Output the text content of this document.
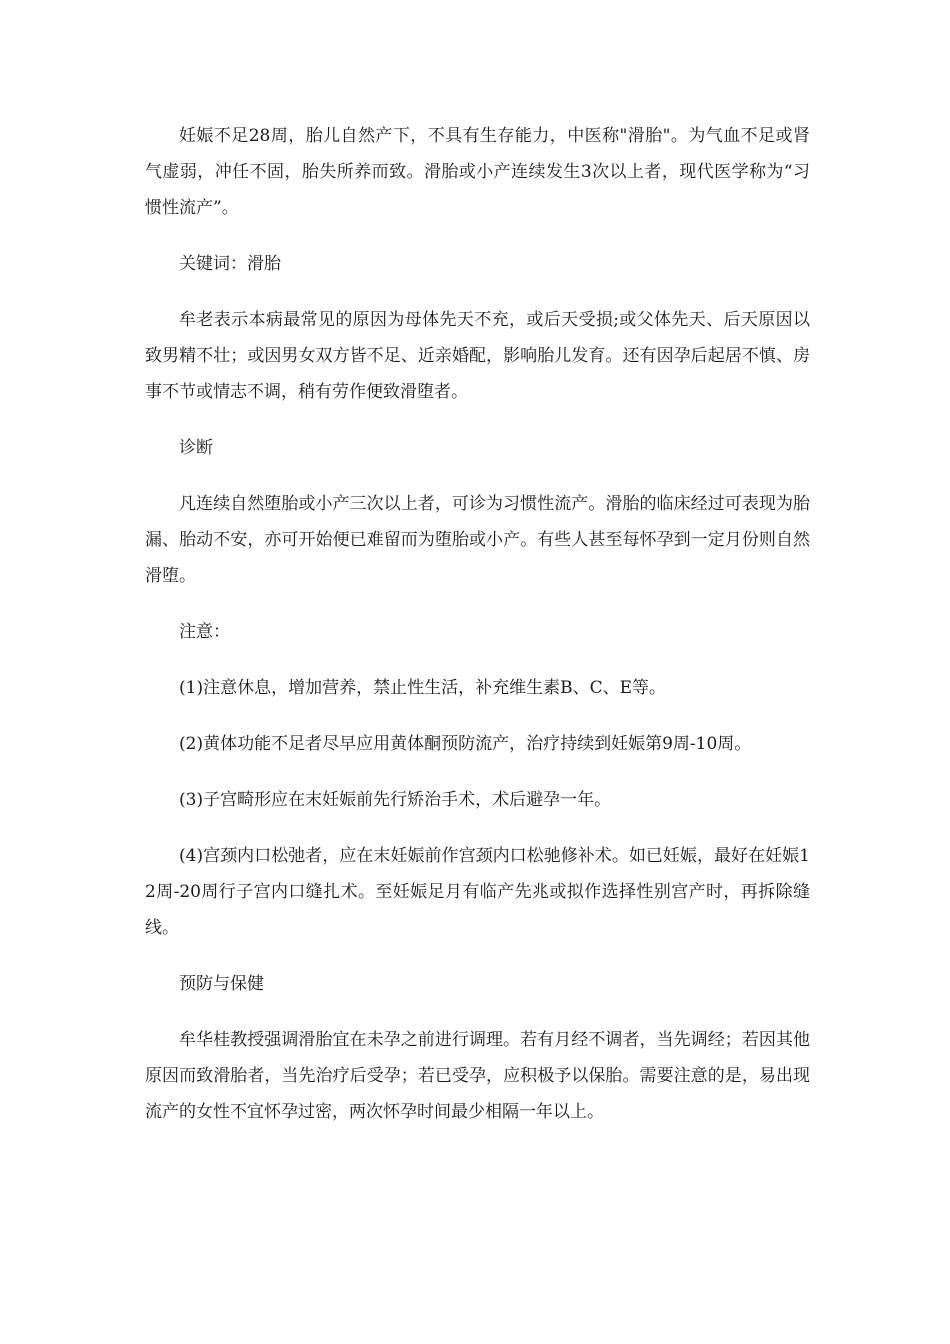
妊娠不足28周，胎儿自然产下，不具有生存能力，中医称"滑胎"。为气血不足或肾气虚弱，冲任不固，胎失所养而致。滑胎或小产连续发生3次以上者，现代医学称为“习惯性流产”。

关键词：滑胎

牟老表示本病最常见的原因为母体先天不充，或后天受损;或父体先天、后天原因以致男精不壮；或因男女双方皆不足、近亲婚配，影响胎儿发育。还有因孕后起居不慎、房事不节或情志不调，稍有劳作便致滑堕者。

诊断

凡连续自然堕胎或小产三次以上者，可诊为习惯性流产。滑胎的临床经过可表现为胎漏、胎动不安，亦可开始便已难留而为堕胎或小产。有些人甚至每怀孕到一定月份则自然滑堕。

注意：

(1)注意休息，增加营养，禁止性生活，补充维生素B、C、E等。

(2)黄体功能不足者尽早应用黄体酮预防流产，治疗持续到妊娠第9周-10周。

(3)子宫畸形应在末妊娠前先行矫治手术，术后避孕一年。

(4)宫颈内口松弛者，应在末妊娠前作宫颈内口松驰修补术。如已妊娠，最好在妊娠12周-20周行子宫内口缝扎术。至妊娠足月有临产先兆或拟作选择性别宫产时，再拆除缝线。

预防与保健

牟华桂教授强调滑胎宜在未孕之前进行调理。若有月经不调者，当先调经；若因其他原因而致滑胎者，当先治疗后受孕；若已受孕，应积极予以保胎。需要注意的是，易出现流产的女性不宜怀孕过密，两次怀孕时间最少相隔一年以上。
